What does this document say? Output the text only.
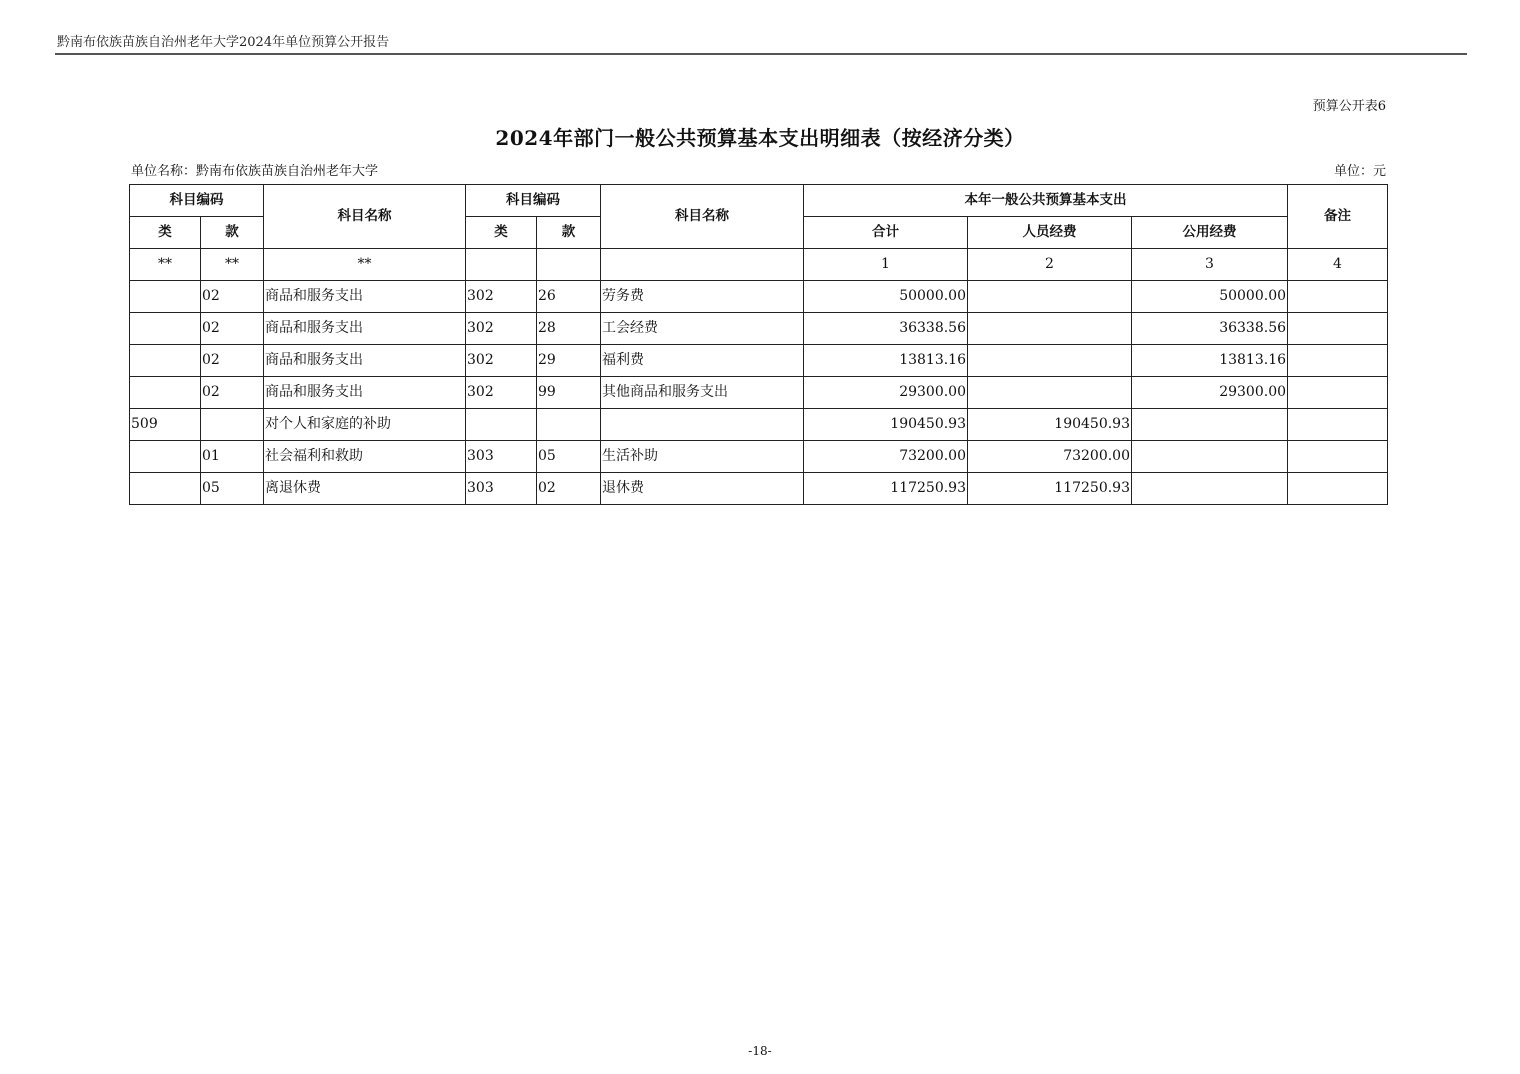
黔南布依族苗族自治州老年大学2024年单位预算公开报告
预算公开表6
2024年部门一般公共预算基本支出明细表（按经济分类）
单位名称：黔南布依族苗族自治州老年大学	单位：元
科目编码		科目名称	科目编码		科目名称	本年一般公共预算基本支出			备注
类	款		类	款		合计	人员经费	公用经费	
**	**	**				1	2	3	4
	02	商品和服务支出	302	26	劳务费	50000.00		50000.00	
	02	商品和服务支出	302	28	工会经费	36338.56		36338.56	
	02	商品和服务支出	302	29	福利费	13813.16		13813.16	
	02	商品和服务支出	302	99	其他商品和服务支出	29300.00		29300.00	
509		对个人和家庭的补助				190450.93	190450.93		
	01	社会福利和救助	303	05	生活补助	73200.00	73200.00		
	05	离退休费	303	02	退休费	117250.93	117250.93		
-18-
